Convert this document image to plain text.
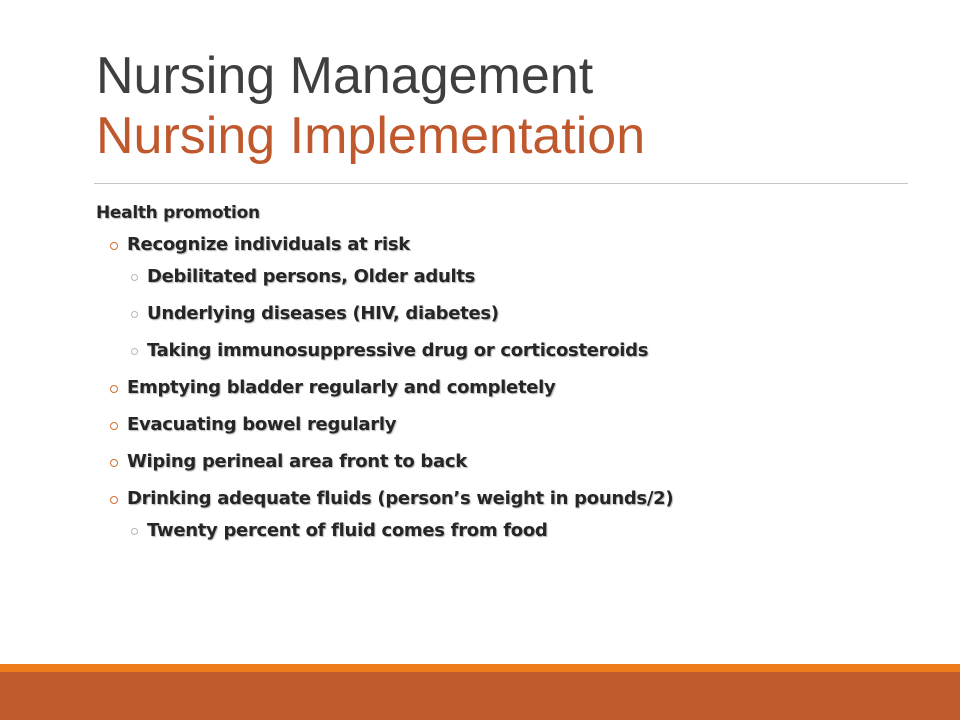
Nursing Management
Nursing Implementation
Health promotion
Recognize individuals at risk
Debilitated persons, Older adults
Underlying diseases (HIV, diabetes)
Taking immunosuppressive drug or corticosteroids
Emptying bladder regularly and completely
Evacuating bowel regularly
Wiping perineal area front to back
Drinking adequate fluids (person’s weight in pounds/2)
Twenty percent of fluid comes from food
